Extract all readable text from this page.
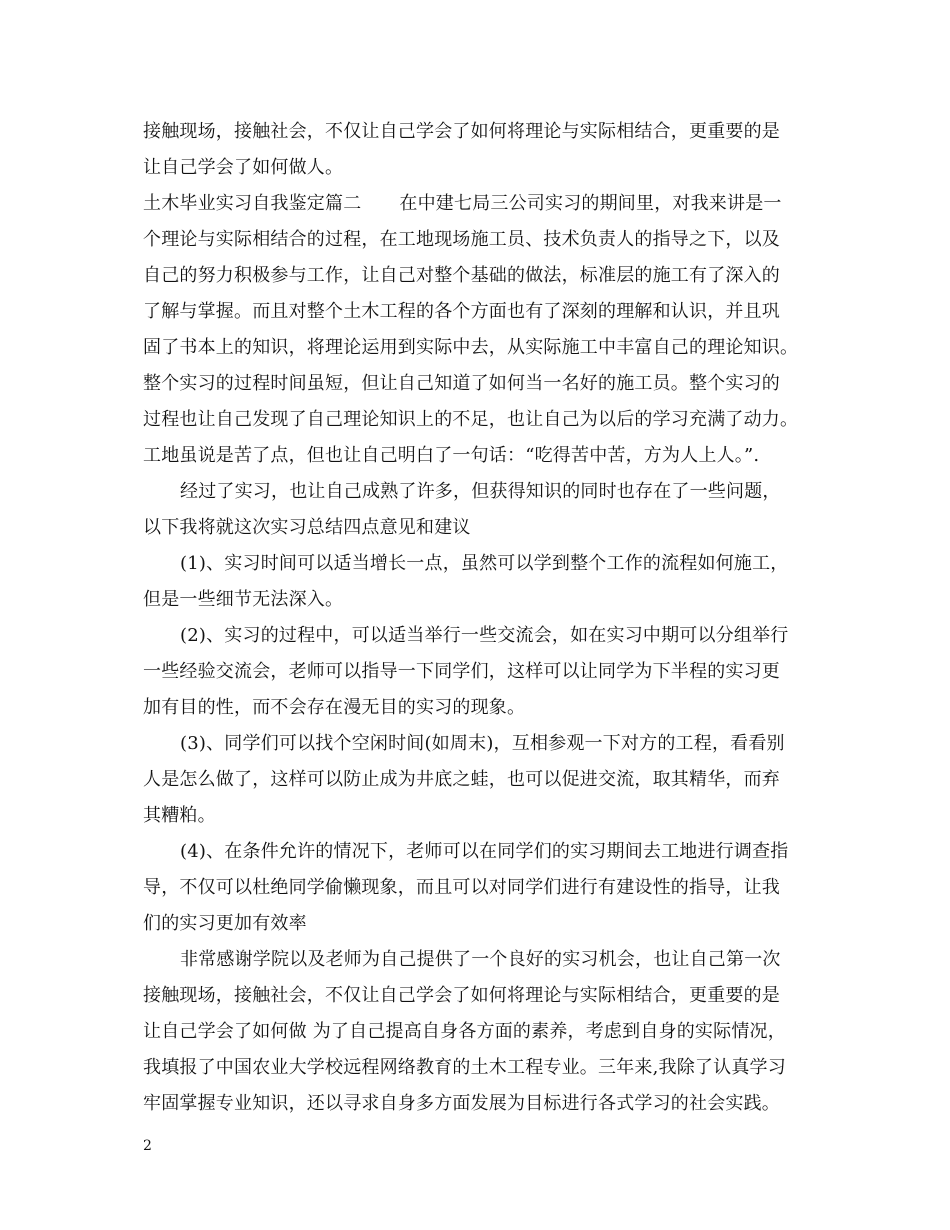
接触现场，接触社会，不仅让自己学会了如何将理论与实际相结合，更重要的是
让自己学会了如何做人。
土木毕业实习自我鉴定篇二 在中建七局三公司实习的期间里，对我来讲是一
个理论与实际相结合的过程，在工地现场施工员、技术负责人的指导之下，以及
自己的努力积极参与工作，让自己对整个基础的做法，标准层的施工有了深入的
了解与掌握。而且对整个土木工程的各个方面也有了深刻的理解和认识，并且巩
固了书本上的知识，将理论运用到实际中去，从实际施工中丰富自己的理论知识。
整个实习的过程时间虽短，但让自己知道了如何当一名好的施工员。整个实习的
过程也让自己发现了自己理论知识上的不足，也让自己为以后的学习充满了动力。
工地虽说是苦了点，但也让自己明白了一句话：“吃得苦中苦，方为人上人。”.
经过了实习，也让自己成熟了许多，但获得知识的同时也存在了一些问题，
以下我将就这次实习总结四点意见和建议
(1)、实习时间可以适当增长一点，虽然可以学到整个工作的流程如何施工，
但是一些细节无法深入。
(2)、实习的过程中，可以适当举行一些交流会，如在实习中期可以分组举行
一些经验交流会，老师可以指导一下同学们，这样可以让同学为下半程的实习更
加有目的性，而不会存在漫无目的实习的现象。
(3)、同学们可以找个空闲时间(如周末)，互相参观一下对方的工程，看看别
人是怎么做了，这样可以防止成为井底之蛙，也可以促进交流，取其精华，而弃
其糟粕。
(4)、在条件允许的情况下，老师可以在同学们的实习期间去工地进行调查指
导，不仅可以杜绝同学偷懒现象，而且可以对同学们进行有建设性的指导，让我
们的实习更加有效率
非常感谢学院以及老师为自己提供了一个良好的实习机会，也让自己第一次
接触现场，接触社会，不仅让自己学会了如何将理论与实际相结合，更重要的是
让自己学会了如何做 为了自己提高自身各方面的素养，考虑到自身的实际情况，
我填报了中国农业大学校远程网络教育的土木工程专业。三年来,我除了认真学习
牢固掌握专业知识，还以寻求自身多方面发展为目标进行各式学习的社会实践。
2
